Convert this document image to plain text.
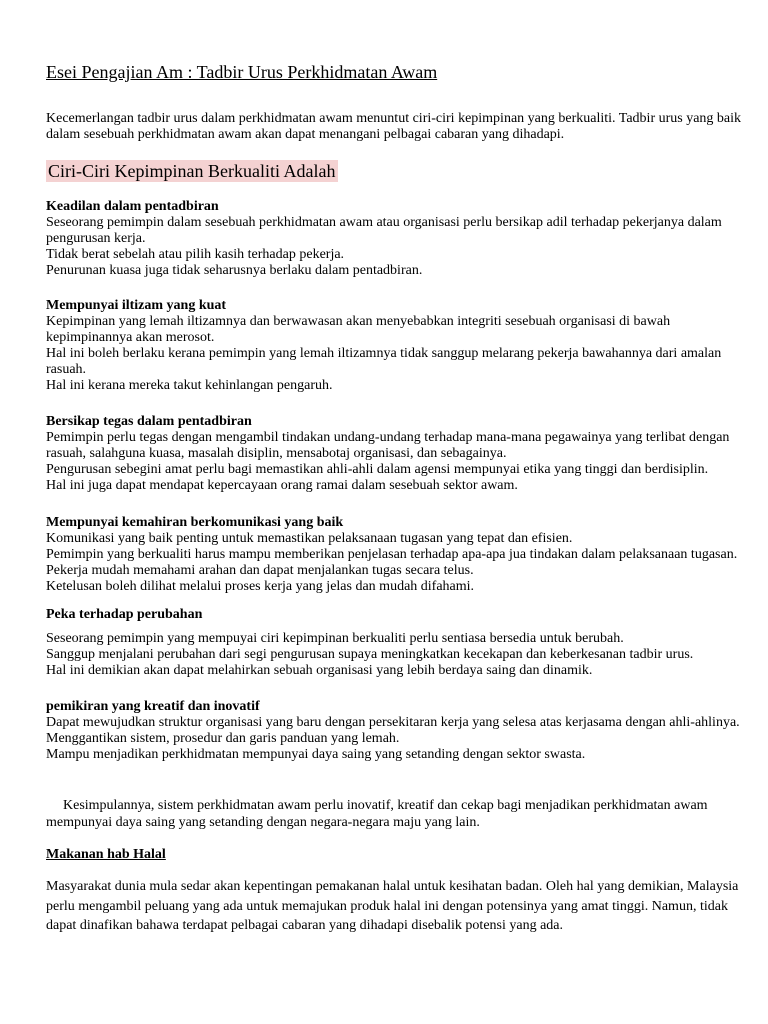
Esei Pengajian Am : Tadbir Urus Perkhidmatan Awam

Kecemerlangan tadbir urus dalam perkhidmatan awam menuntut ciri-ciri kepimpinan yang berkualiti. Tadbir urus yang baik dalam sesebuah perkhidmatan awam akan dapat menangani pelbagai cabaran yang dihadapi.

Ciri-Ciri Kepimpinan Berkualiti Adalah
Keadilan dalam pentadbiran

Seseorang pemimpin dalam sesebuah perkhidmatan awam atau organisasi perlu bersikap adil terhadap pekerjanya dalam pengurusan kerja.

Tidak berat sebelah atau pilih kasih terhadap pekerja.

Penurunan kuasa juga tidak seharusnya berlaku dalam pentadbiran.

Mempunyai iltizam yang kuat

Kepimpinan yang lemah iltizamnya dan berwawasan akan menyebabkan integriti sesebuah organisasi di bawah kepimpinannya akan merosot.

Hal ini boleh berlaku kerana pemimpin yang lemah iltizamnya tidak sanggup melarang pekerja bawahannya dari amalan rasuah.

Hal ini kerana mereka takut kehinlangan pengaruh.

Bersikap tegas dalam pentadbiran

Pemimpin perlu tegas dengan mengambil tindakan undang-undang terhadap mana-mana pegawainya yang terlibat dengan rasuah, salahguna kuasa, masalah disiplin, mensabotaj organisasi, dan sebagainya.

Pengurusan sebegini amat perlu bagi memastikan ahli-ahli dalam agensi mempunyai etika yang tinggi dan berdisiplin.

Hal ini juga dapat mendapat kepercayaan orang ramai dalam sesebuah sektor awam.

Mempunyai kemahiran berkomunikasi yang baik

Komunikasi yang baik penting untuk memastikan pelaksanaan tugasan yang tepat dan efisien.

Pemimpin yang berkualiti harus mampu memberikan penjelasan terhadap apa-apa jua tindakan dalam pelaksanaan tugasan.

Pekerja mudah memahami arahan dan dapat menjalankan tugas secara telus.

Ketelusan boleh dilihat melalui proses kerja yang jelas dan mudah difahami.

Peka terhadap perubahan

Seseorang pemimpin yang mempuyai ciri kepimpinan berkualiti perlu sentiasa bersedia untuk berubah.

Sanggup menjalani perubahan dari segi pengurusan supaya meningkatkan kecekapan dan keberkesanan tadbir urus.

Hal ini demikian akan dapat melahirkan sebuah organisasi yang lebih berdaya saing dan dinamik.

pemikiran yang kreatif dan inovatif

Dapat mewujudkan struktur organisasi yang baru dengan persekitaran kerja yang selesa atas kerjasama dengan ahli-ahlinya.

Menggantikan sistem, prosedur dan garis panduan yang lemah.

Mampu menjadikan perkhidmatan mempunyai daya saing yang setanding dengan sektor swasta.

Kesimpulannya, sistem perkhidmatan awam perlu inovatif, kreatif dan cekap bagi menjadikan perkhidmatan awam mempunyai daya saing yang setanding dengan negara-negara maju yang lain.

Makanan hab Halal

Masyarakat dunia mula sedar akan kepentingan pemakanan halal untuk kesihatan badan. Oleh hal yang demikian, Malaysia perlu mengambil peluang yang ada untuk memajukan produk halal ini dengan potensinya yang amat tinggi. Namun, tidak dapat dinafikan bahawa terdapat pelbagai cabaran yang dihadapi disebalik potensi yang ada.
